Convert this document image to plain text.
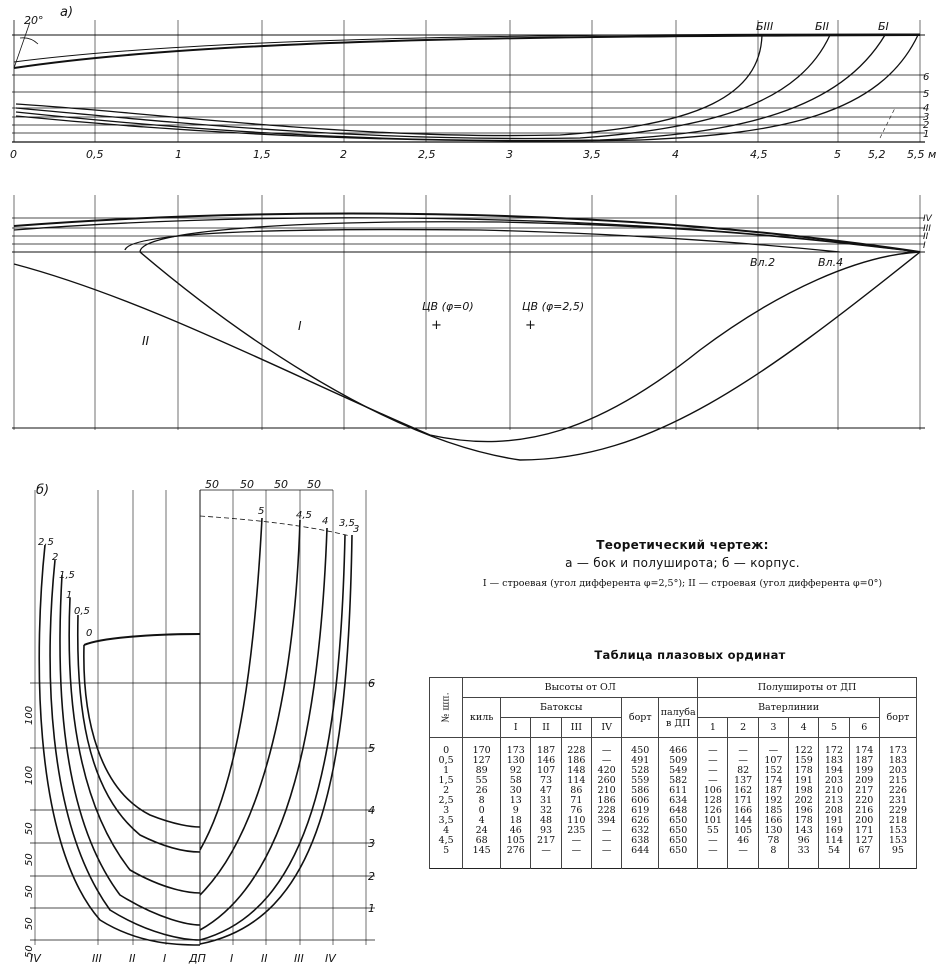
а)
20°	БIII	БII	БI
6
5
4
3
2
1
0	0,5	1	1,5	2	2,5	3	3,5	4	4,5	5 5,2 5,5 м
Вл.2	Вл.4
ЦВ (φ=0)	ЦВ (φ=2,5)
I
II
+	+
IV
III
II
I
б)	50 50 50 50
2,5
2
1,5
1
0,5
0
5	4,5
4 3,5
3
6
5
4
3
2
1
100
100
50
50
50
50
50
IV	III II	I ДП I	II III IV
Теоретический чертеж:
а — бок и полуширота; б — корпус.
I — строевая (угол дифферента φ=2,5°); II — строевая (угол дифферента φ=0°)
Таблица плазовых ординат
№ шп.	Высоты от ОЛ							Полуширoты от ДП						
	киль	Батоксы				борт	палуба в ДП	Ватерлинии						борт
		I	II	III	IV			1	2	3	4	5	6	
0	170	173	187	228	—	450	466	—	—	—	122	172	174	173
0,5	127	130	146	186	—	491	509	—	—	107	159	183	187	183
1	89	92	107	148	420	528	549	—	82	152	178	194	199	203
1,5	55	58	73	114	260	559	582	—	137	174	191	203	209	215
2	26	30	47	86	210	586	611	106	162	187	198	210	217	226
2,5	8	13	31	71	186	606	634	128	171	192	202	213	220	231
3	0	9	32	76	228	619	648	126	166	185	196	208	216	229
3,5	4	18	48	110	394	626	650	101	144	166	178	191	200	218
4	24	46	93	235	—	632	650	55	105	130	143	169	171	153
4,5	68	105	217	—	—	638	650	—	46	78	96	114	127	153
5	145	276	—	—	—	644	650	—	—	8	33	54	67	95
